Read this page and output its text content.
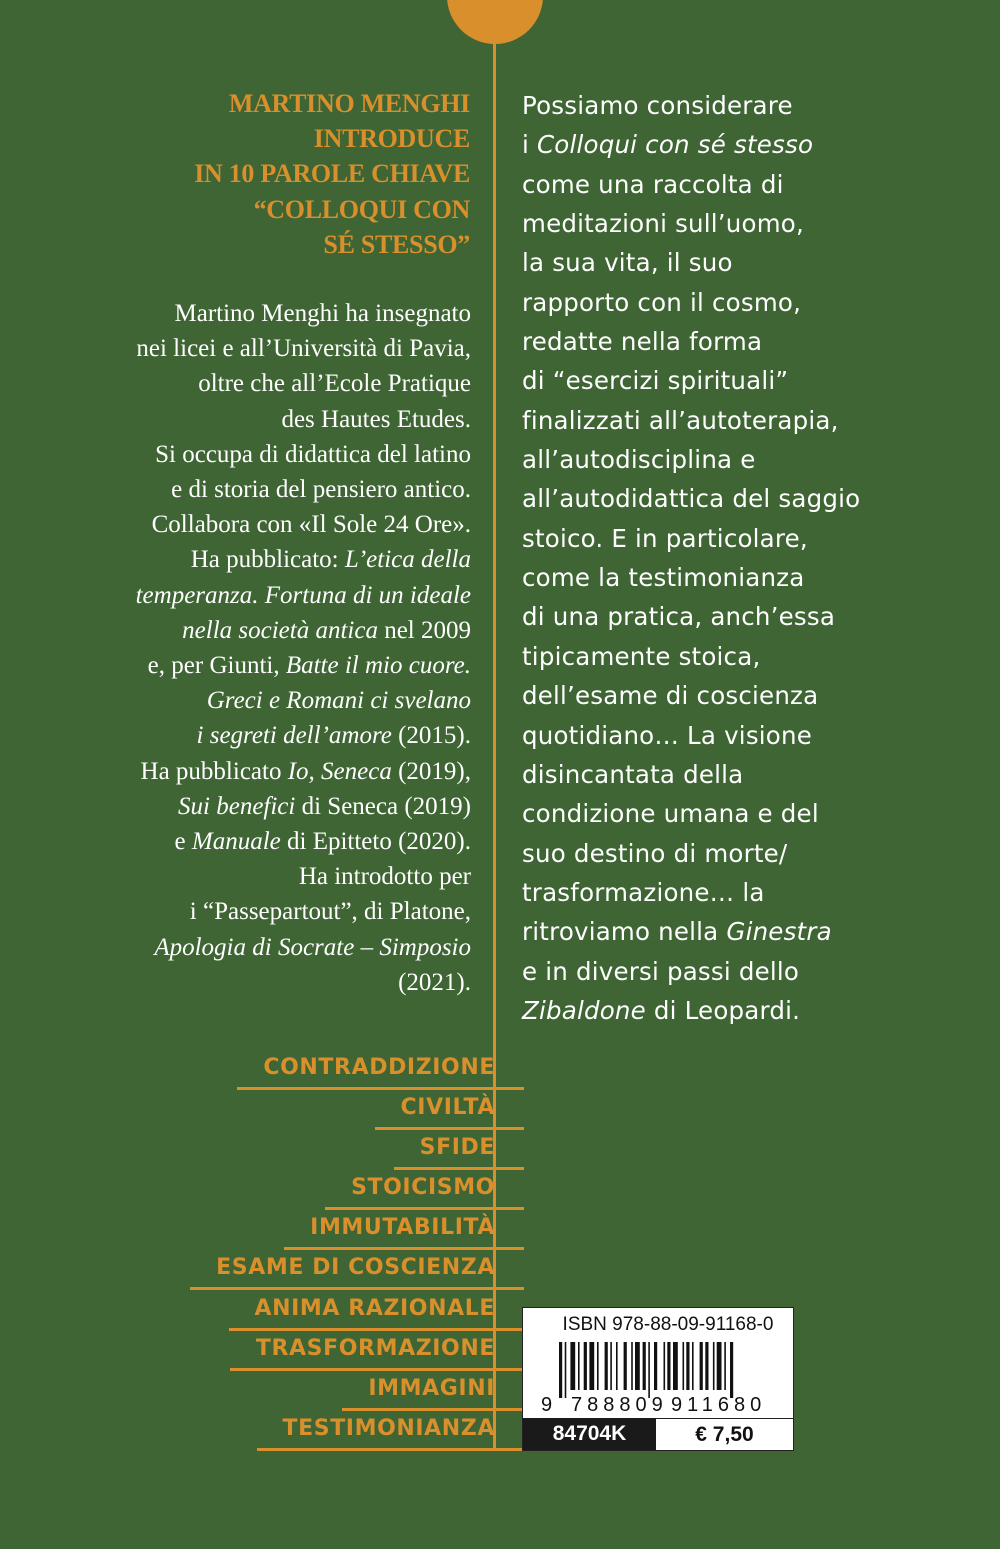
MARTINO MENGHI
INTRODUCE
IN 10 PAROLE CHIAVE
“COLLOQUI CON
SÉ STESSO”
Martino Menghi ha insegnato
nei licei e all’Università di Pavia,
oltre che all’Ecole Pratique
des Hautes Etudes.
Si occupa di didattica del latino
e di storia del pensiero antico.
Collabora con «Il Sole 24 Ore».
Ha pubblicato: L’etica della
temperanza. Fortuna di un ideale
nella società antica nel 2009
e, per Giunti, Batte il mio cuore.
Greci e Romani ci svelano
i segreti dell’amore (2015).
Ha pubblicato Io, Seneca (2019),
Sui benefici di Seneca (2019)
e Manuale di Epitteto (2020).
Ha introdotto per
i “Passepartout”, di Platone,
Apologia di Socrate – Simposio
(2021).
Possiamo considerare
i Colloqui con sé stesso
come una raccolta di
meditazioni sull’uomo,
la sua vita, il suo
rapporto con il cosmo,
redatte nella forma
di “esercizi spirituali”
finalizzati all’autoterapia,
all’autodisciplina e
all’autodidattica del saggio
stoico. E in particolare,
come la testimonianza
di una pratica, anch’essa
tipicamente stoica,
dell’esame di coscienza
quotidiano… La visione
disincantata della
condizione umana e del
suo destino di morte/
trasformazione… la
ritroviamo nella Ginestra
e in diversi passi dello
Zibaldone di Leopardi.
CONTRADDIZIONE
CIVILTÀ
SFIDE
STOICISMO
IMMUTABILITÀ
ESAME DI COSCIENZA
ANIMA RAZIONALE
TRASFORMAZIONE
IMMAGINI
TESTIMONIANZA
ISBN 978-88-09-91168-0
9 788809 911680
84704K	€ 7,50
